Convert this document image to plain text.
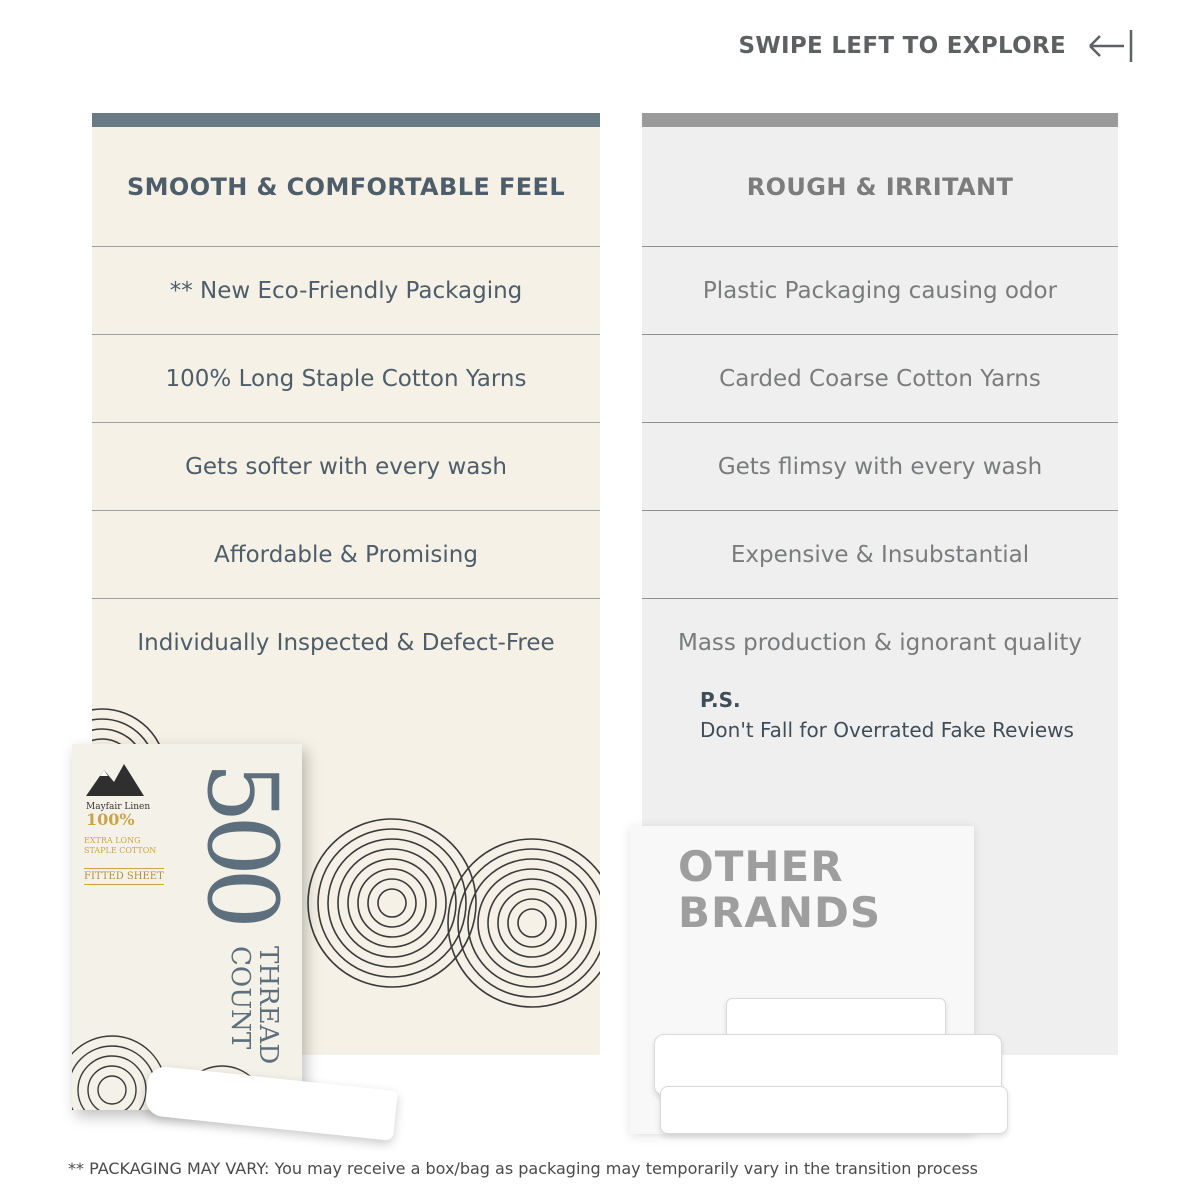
SWIPE LEFT TO EXPLORE
SMOOTH & COMFORTABLE FEEL
** New Eco-Friendly Packaging
100% Long Staple Cotton Yarns
Gets softer with every wash
Affordable & Promising
Individually Inspected & Defect-Free
ROUGH & IRRITANT
Plastic Packaging causing odor
Carded Coarse Cotton Yarns
Gets flimsy with every wash
Expensive & Insubstantial
Mass production & ignorant quality
P.S.
Don't Fall for Overrated Fake Reviews
Mayfair Linen
100%
EXTRA LONG STAPLE COTTON
FITTED SHEET 500
THREAD
COUNT
OTHER
BRANDS
** PACKAGING MAY VARY: You may receive a box/bag as packaging may temporarily vary in the transition process
